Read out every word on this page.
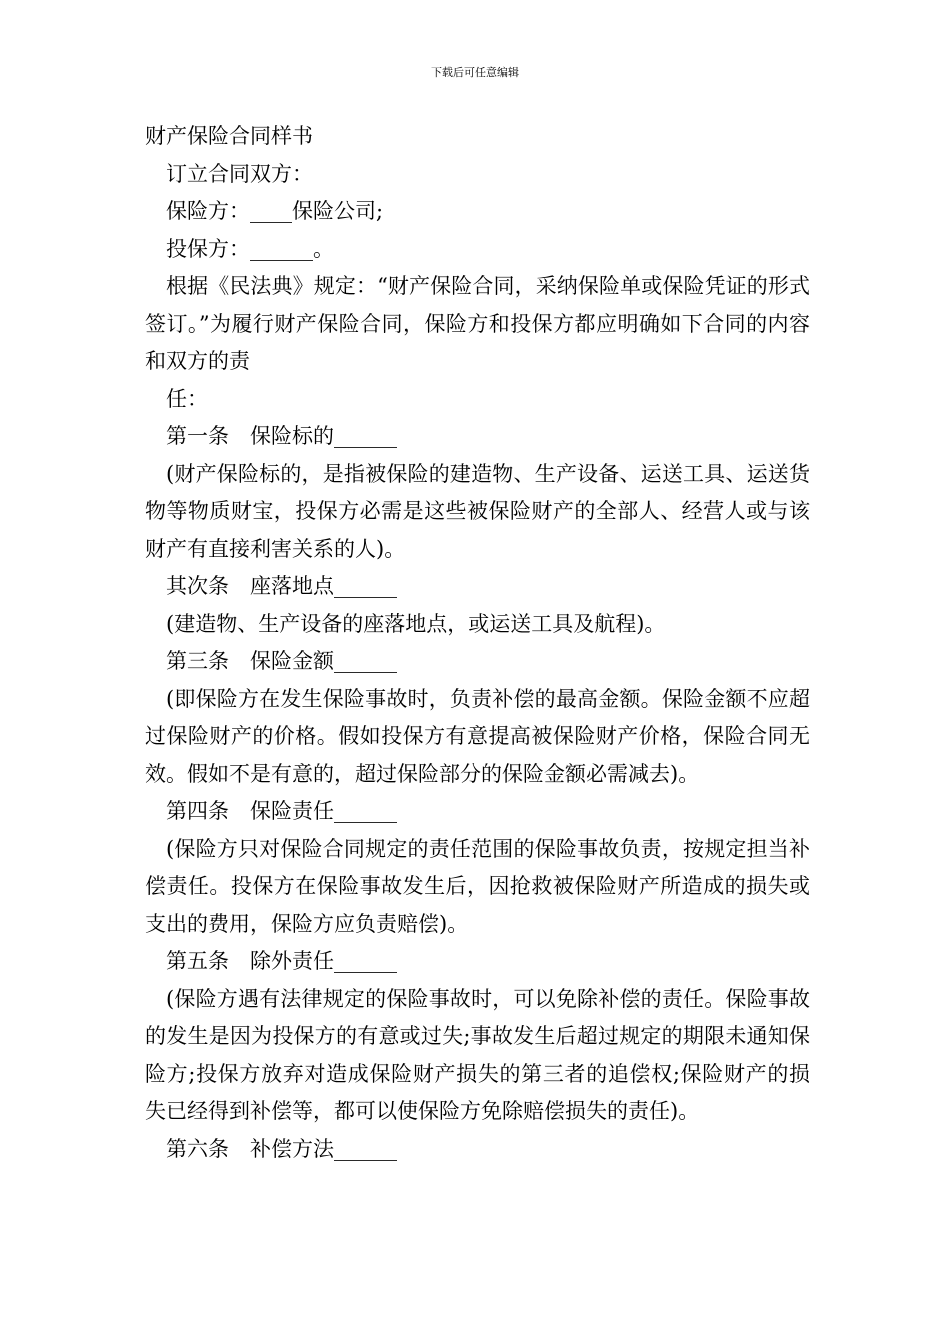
下载后可任意编辑
财产保险合同样书
订立合同双方：
保险方：____保险公司;
投保方：______。
根据《民法典》规定：“财产保险合同，采纳保险单或保险凭证的形式签订。”为履行财产保险合同，保险方和投保方都应明确如下合同的内容和双方的责
任：
第一条 保险标的______
(财产保险标的，是指被保险的建造物、生产设备、运送工具、运送货物等物质财宝，投保方必需是这些被保险财产的全部人、经营人或与该财产有直接利害关系的人)。
其次条 座落地点______
(建造物、生产设备的座落地点，或运送工具及航程)。
第三条 保险金额______
(即保险方在发生保险事故时，负责补偿的最高金额。保险金额不应超过保险财产的价格。假如投保方有意提高被保险财产价格，保险合同无效。假如不是有意的，超过保险部分的保险金额必需减去)。
第四条 保险责任______
(保险方只对保险合同规定的责任范围的保险事故负责，按规定担当补偿责任。投保方在保险事故发生后，因抢救被保险财产所造成的损失或支出的费用，保险方应负责赔偿)。
第五条 除外责任______
(保险方遇有法律规定的保险事故时，可以免除补偿的责任。保险事故的发生是因为投保方的有意或过失;事故发生后超过规定的期限未通知保险方;投保方放弃对造成保险财产损失的第三者的追偿权;保险财产的损失已经得到补偿等，都可以使保险方免除赔偿损失的责任)。
第六条 补偿方法______
